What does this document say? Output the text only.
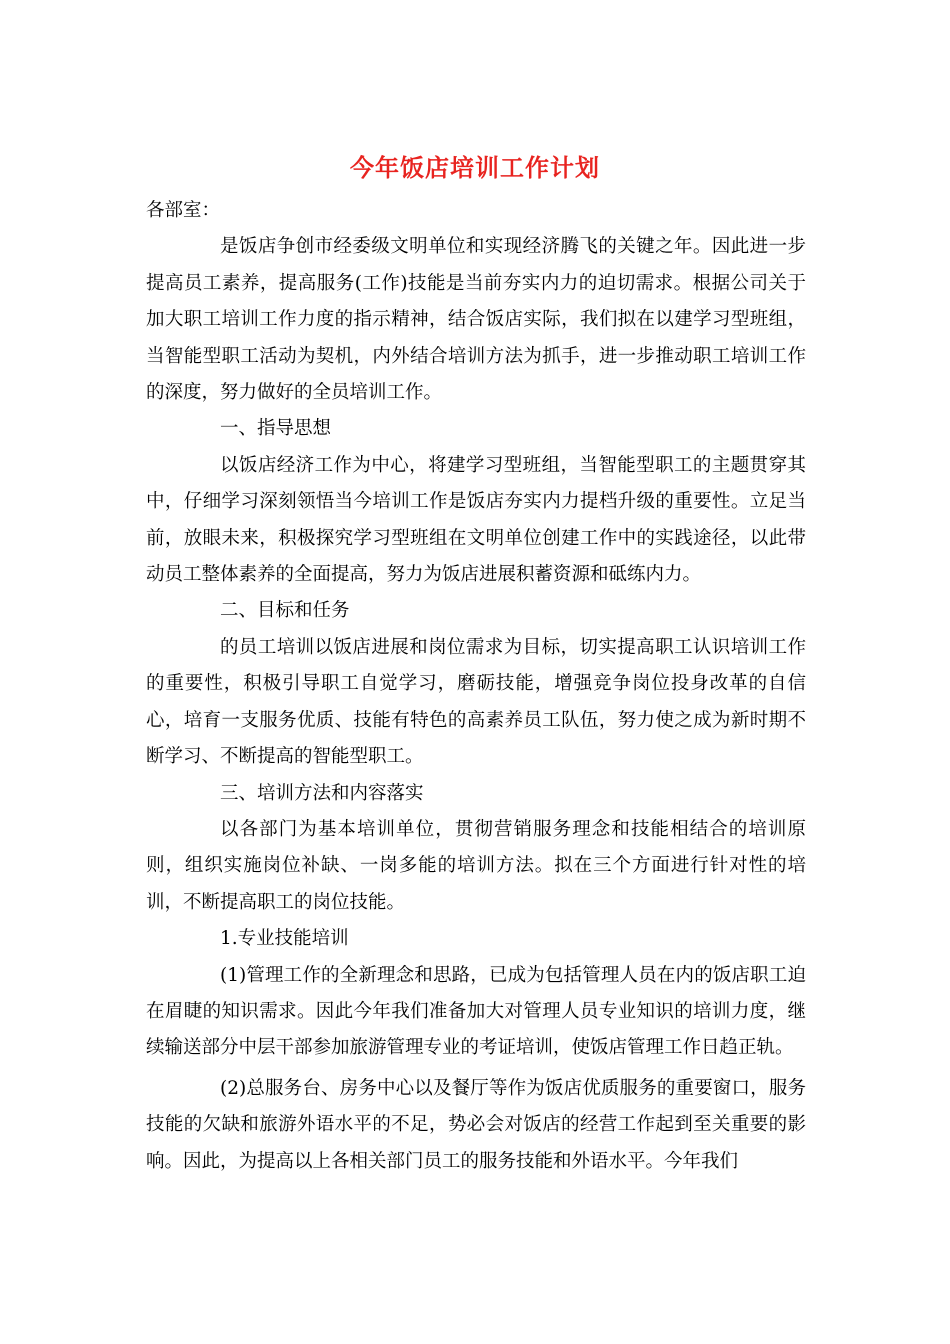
今年饭店培训工作计划

各部室：

是饭店争创市经委级文明单位和实现经济腾飞的关键之年。因此进一步提高员工素养，提高服务(工作)技能是当前夯实内力的迫切需求。根据公司关于加大职工培训工作力度的指示精神，结合饭店实际，我们拟在以建学习型班组，当智能型职工活动为契机，内外结合培训方法为抓手，进一步推动职工培训工作的深度，努力做好的全员培训工作。

一、指导思想

以饭店经济工作为中心，将建学习型班组，当智能型职工的主题贯穿其中，仔细学习深刻领悟当今培训工作是饭店夯实内力提档升级的重要性。立足当前，放眼未来，积极探究学习型班组在文明单位创建工作中的实践途径，以此带动员工整体素养的全面提高，努力为饭店进展积蓄资源和砥练内力。

二、目标和任务

的员工培训以饭店进展和岗位需求为目标，切实提高职工认识培训工作的重要性，积极引导职工自觉学习，磨砺技能，增强竞争岗位投身改革的自信心，培育一支服务优质、技能有特色的高素养员工队伍，努力使之成为新时期不断学习、不断提高的智能型职工。

三、培训方法和内容落实

以各部门为基本培训单位，贯彻营销服务理念和技能相结合的培训原则，组织实施岗位补缺、一岗多能的培训方法。拟在三个方面进行针对性的培训，不断提高职工的岗位技能。

1.专业技能培训

(1)管理工作的全新理念和思路，已成为包括管理人员在内的饭店职工迫在眉睫的知识需求。因此今年我们准备加大对管理人员专业知识的培训力度，继续输送部分中层干部参加旅游管理专业的考证培训，使饭店管理工作日趋正轨。

(2)总服务台、房务中心以及餐厅等作为饭店优质服务的重要窗口，服务技能的欠缺和旅游外语水平的不足，势必会对饭店的经营工作起到至关重要的影响。因此，为提高以上各相关部门员工的服务技能和外语水平。今年我们
